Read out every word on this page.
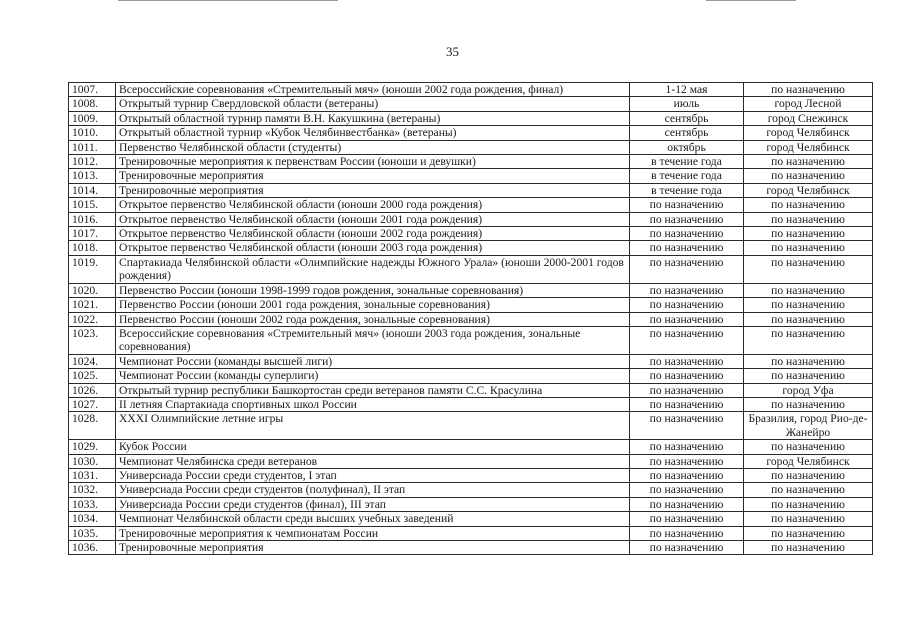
35
1007.	Всероссийские соревнования «Стремительный мяч» (юноши 2002 года рождения, финал)	1-12 мая	по назначению
1008.	Открытый турнир Свердловской области (ветераны)	июль	город Лесной
1009.	Открытый областной турнир памяти В.Н. Какушкина (ветераны)	сентябрь	город Снежинск
1010.	Открытый областной турнир «Кубок Челябинвестбанка» (ветераны)	сентябрь	город Челябинск
1011.	Первенство Челябинской области (студенты)	октябрь	город Челябинск
1012.	Тренировочные мероприятия к первенствам России (юноши и девушки)	в течение года	по назначению
1013.	Тренировочные мероприятия	в течение года	по назначению
1014.	Тренировочные мероприятия	в течение года	город Челябинск
1015.	Открытое первенство Челябинской области (юноши 2000 года рождения)	по назначению	по назначению
1016.	Открытое первенство Челябинской области (юноши 2001 года рождения)	по назначению	по назначению
1017.	Открытое первенство Челябинской области (юноши 2002 года рождения)	по назначению	по назначению
1018.	Открытое первенство Челябинской области (юноши 2003 года рождения)	по назначению	по назначению
1019.	Спартакиада Челябинской области «Олимпийские надежды Южного Урала» (юноши 2000-2001 годов рождения)	по назначению	по назначению
1020.	Первенство России (юноши 1998-1999 годов рождения, зональные соревнования)	по назначению	по назначению
1021.	Первенство России (юноши 2001 года рождения, зональные соревнования)	по назначению	по назначению
1022.	Первенство России (юноши 2002 года рождения, зональные соревнования)	по назначению	по назначению
1023.	Всероссийские соревнования «Стремительный мяч» (юноши 2003 года рождения, зональные соревнования)	по назначению	по назначению
1024.	Чемпионат России (команды высшей лиги)	по назначению	по назначению
1025.	Чемпионат России (команды суперлиги)	по назначению	по назначению
1026.	Открытый турнир республики Башкортостан среди ветеранов памяти С.С. Красулина	по назначению	город Уфа
1027.	II летняя Спартакиада спортивных школ России	по назначению	по назначению
1028.	XXXI Олимпийские летние игры	по назначению	Бразилия, город Рио-де-Жанейро
1029.	Кубок России	по назначению	по назначению
1030.	Чемпионат Челябинска среди ветеранов	по назначению	город Челябинск
1031.	Универсиада России среди студентов, I этап	по назначению	по назначению
1032.	Универсиада России среди студентов (полуфинал), II этап	по назначению	по назначению
1033.	Универсиада России среди студентов (финал), III этап	по назначению	по назначению
1034.	Чемпионат Челябинской области среди высших учебных заведений	по назначению	по назначению
1035.	Тренировочные мероприятия к чемпионатам России	по назначению	по назначению
1036.	Тренировочные мероприятия	по назначению	по назначению
